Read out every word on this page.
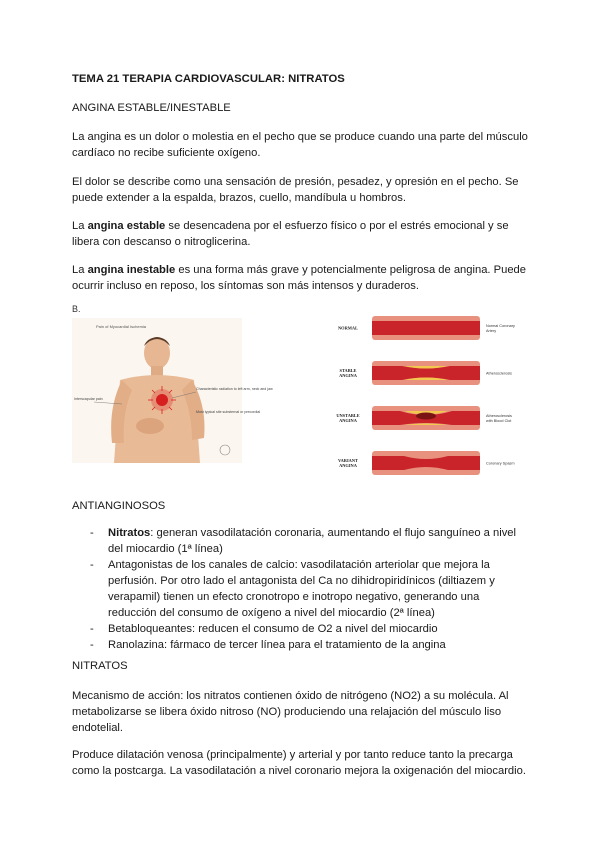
TEMA 21 TERAPIA CARDIOVASCULAR: NITRATOS
ANGINA ESTABLE/INESTABLE
La angina es un dolor o molestia en el pecho que se produce cuando una parte del músculo cardíaco no recibe suficiente oxígeno.
El dolor se describe como una sensación de presión, pesadez, y opresión en el pecho. Se puede extender a la espalda, brazos, cuello, mandíbula u hombros.
La angina estable se desencadena por el esfuerzo físico o por el estrés emocional y se libera con descanso o nitroglicerina.
La angina inestable es una forma más grave y potencialmente peligrosa de angina. Puede ocurrir incluso en reposo, los síntomas son más intensos y duraderos.
B.
Pain of Myocardial Ischemia
Interscapular pain
Characteristic radiation to left arm, neck and jaw
Most typical site substernal or precordial
NORMAL	Normal Coronary
Artery
STABLE
ANGINA	Atherosclerosis
UNSTABLE
ANGINA
Atherosclerosis
with Blood Clot
VARIANT
ANGINA	Coronary Spasm
ANTIANGINOSOS
- Nitratos: generan vasodilatación coronaria, aumentando el flujo sanguíneo a nivel del miocardio (1ª línea)
- Antagonistas de los canales de calcio: vasodilatación arteriolar que mejora la perfusión. Por otro lado el antagonista del Ca no dihidropiridínicos (diltiazem y verapamil) tienen un efecto cronotropo e inotropo negativo, generando una reducción del consumo de oxígeno a nivel del miocardio (2ª línea)
- Betabloqueantes: reducen el consumo de O2 a nivel del miocardio
- Ranolazina: fármaco de tercer línea para el tratamiento de la angina
NITRATOS
Mecanismo de acción: los nitratos contienen óxido de nitrógeno (NO2) a su molécula. Al metabolizarse se libera óxido nitroso (NO) produciendo una relajación del músculo liso endotelial.
Produce dilatación venosa (principalmente) y arterial y por tanto reduce tanto la precarga como la postcarga. La vasodilatación a nivel coronario mejora la oxigenación del miocardio.
